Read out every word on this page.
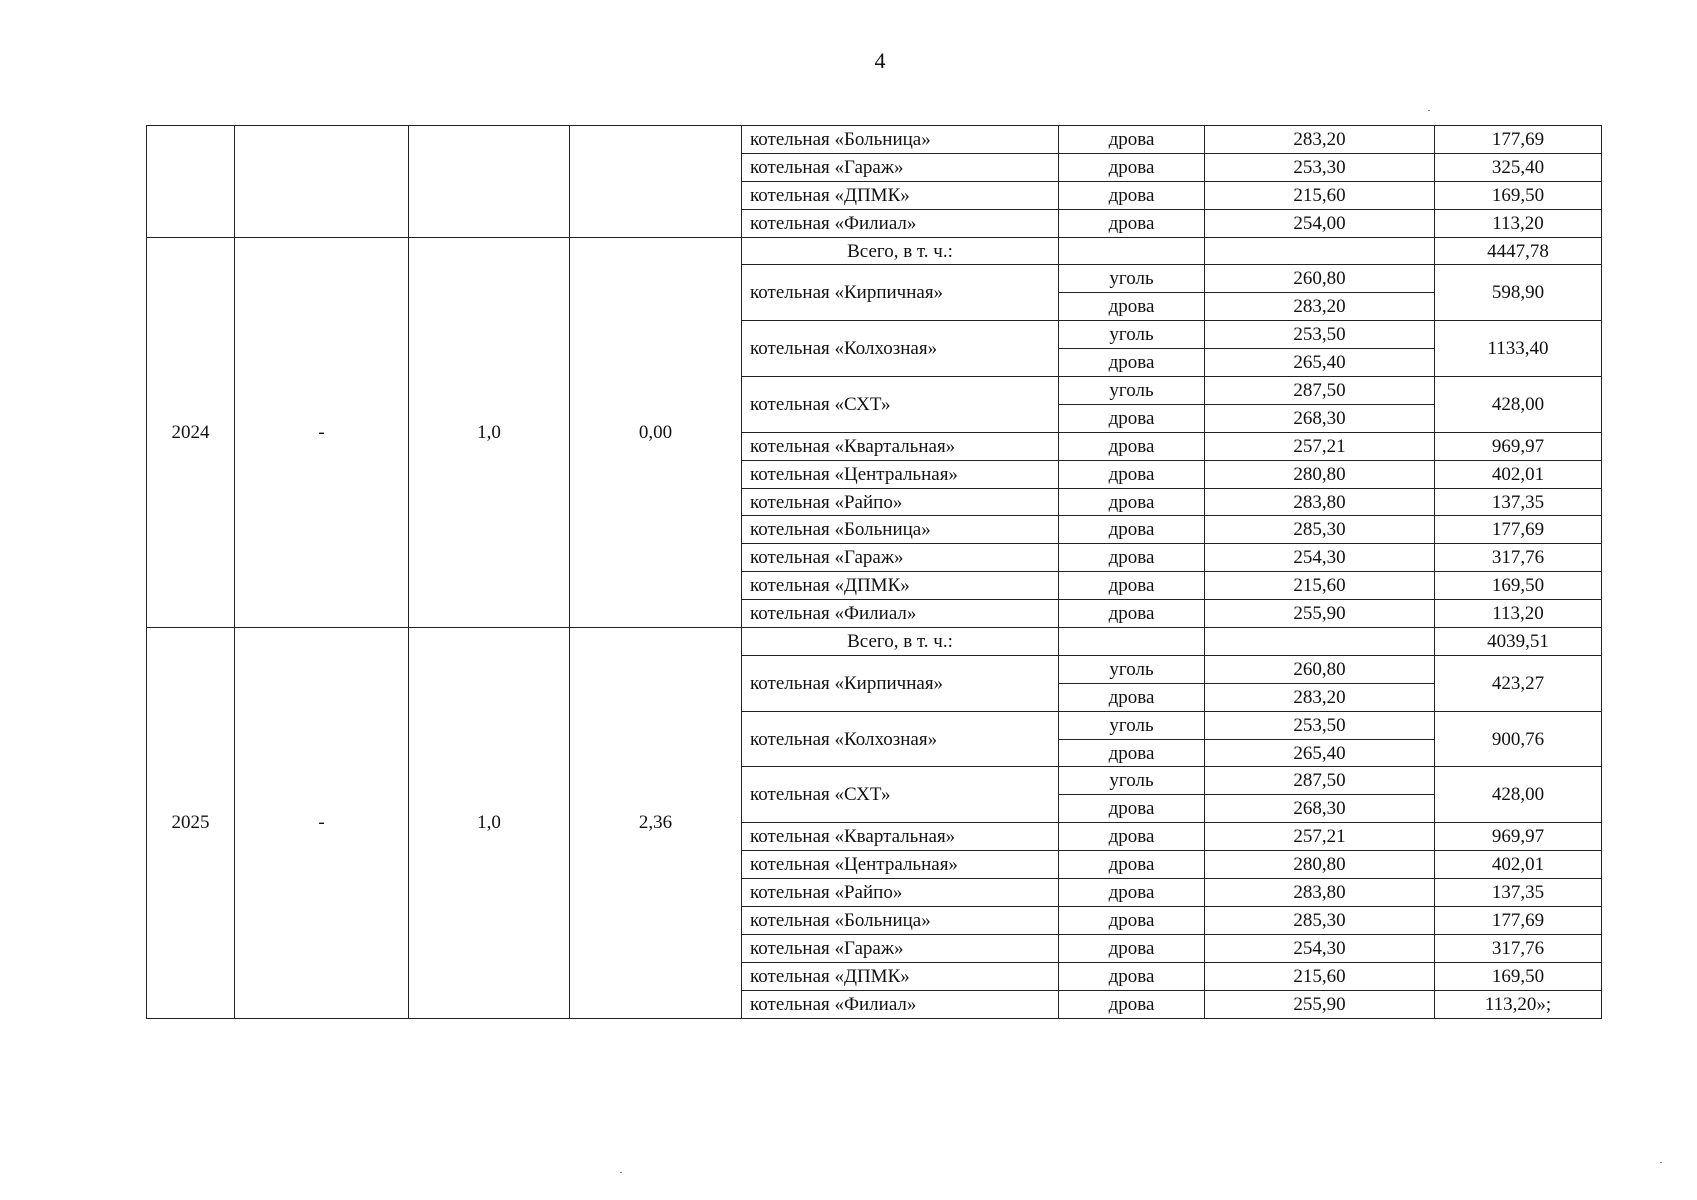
4
				котельная «Больница»	дрова	283,20	177,69
				котельная «Гараж»	дрова	253,30	325,40
				котельная «ДПМК»	дрова	215,60	169,50
				котельная «Филиал»	дрова	254,00	113,20
2024	-	1,0	0,00	Всего, в т. ч.:			4447,78
				котельная «Кирпичная»	уголь	260,80	598,90
					дрова	283,20	
				котельная «Колхозная»	уголь	253,50	1133,40
					дрова	265,40	
				котельная «СХТ»	уголь	287,50	428,00
					дрова	268,30	
				котельная «Квартальная»	дрова	257,21	969,97
				котельная «Центральная»	дрова	280,80	402,01
				котельная «Райпо»	дрова	283,80	137,35
				котельная «Больница»	дрова	285,30	177,69
				котельная «Гараж»	дрова	254,30	317,76
				котельная «ДПМК»	дрова	215,60	169,50
				котельная «Филиал»	дрова	255,90	113,20
2025	-	1,0	2,36	Всего, в т. ч.:			4039,51
				котельная «Кирпичная»	уголь	260,80	423,27
					дрова	283,20	
				котельная «Колхозная»	уголь	253,50	900,76
					дрова	265,40	
				котельная «СХТ»	уголь	287,50	428,00
					дрова	268,30	
				котельная «Квартальная»	дрова	257,21	969,97
				котельная «Центральная»	дрова	280,80	402,01
				котельная «Райпо»	дрова	283,80	137,35
				котельная «Больница»	дрова	285,30	177,69
				котельная «Гараж»	дрова	254,30	317,76
				котельная «ДПМК»	дрова	215,60	169,50
				котельная «Филиал»	дрова	255,90	113,20»;
